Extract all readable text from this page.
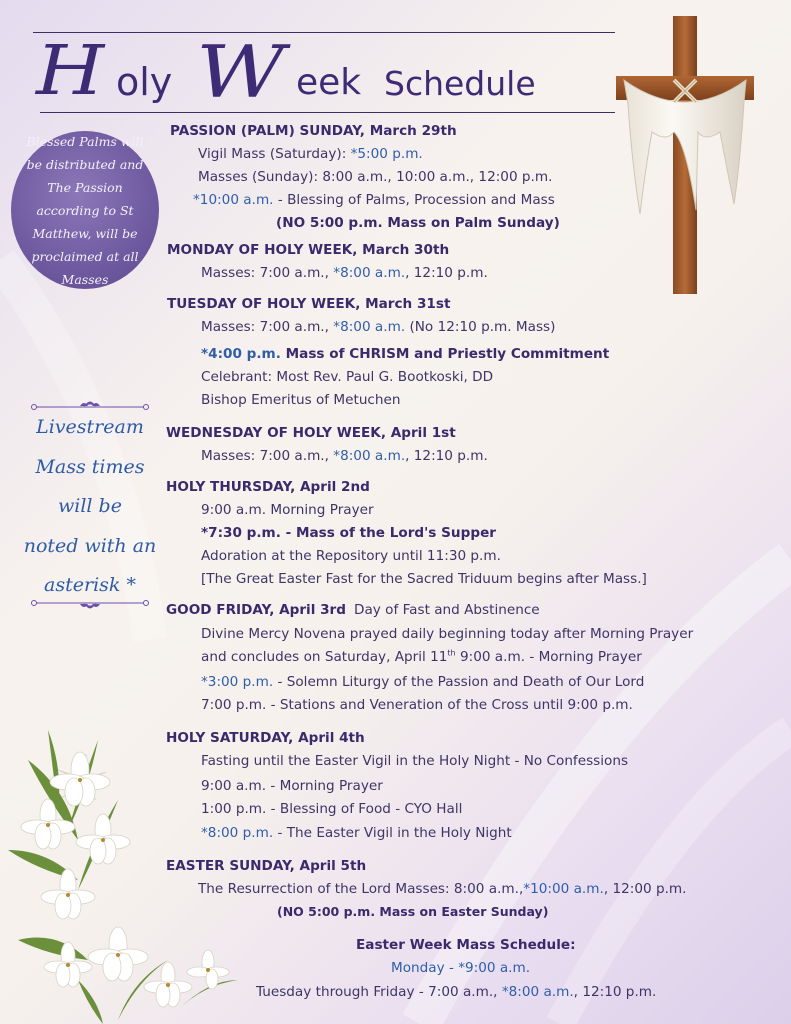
H oly W eek Schedule
Blessed Palms will be distributed and The Passion according to St Matthew, will be proclaimed at all Masses
Livestream
Mass times
will be
noted with an
asterisk *
PASSION (PALM) SUNDAY, March 29th
Vigil Mass (Saturday): *5:00 p.m.
Masses (Sunday): 8:00 a.m., 10:00 a.m., 12:00 p.m.
*10:00 a.m. - Blessing of Palms, Procession and Mass
(NO 5:00 p.m. Mass on Palm Sunday)
MONDAY OF HOLY WEEK, March 30th
Masses: 7:00 a.m., *8:00 a.m., 12:10 p.m.
TUESDAY OF HOLY WEEK, March 31st
Masses: 7:00 a.m., *8:00 a.m. (No 12:10 p.m. Mass)
*4:00 p.m. Mass of CHRISM and Priestly Commitment
Celebrant: Most Rev. Paul G. Bootkoski, DD
Bishop Emeritus of Metuchen
WEDNESDAY OF HOLY WEEK, April 1st
Masses: 7:00 a.m., *8:00 a.m., 12:10 p.m.
HOLY THURSDAY, April 2nd
9:00 a.m. Morning Prayer
*7:30 p.m. - Mass of the Lord's Supper
Adoration at the Repository until 11:30 p.m.
[The Great Easter Fast for the Sacred Triduum begins after Mass.]
GOOD FRIDAY, April 3rd Day of Fast and Abstinence
Divine Mercy Novena prayed daily beginning today after Morning Prayer
and concludes on Saturday, April 11th 9:00 a.m. - Morning Prayer
*3:00 p.m. - Solemn Liturgy of the Passion and Death of Our Lord
7:00 p.m. - Stations and Veneration of the Cross until 9:00 p.m.
HOLY SATURDAY, April 4th
Fasting until the Easter Vigil in the Holy Night - No Confessions
9:00 a.m. - Morning Prayer
1:00 p.m. - Blessing of Food - CYO Hall
*8:00 p.m. - The Easter Vigil in the Holy Night
EASTER SUNDAY, April 5th
The Resurrection of the Lord Masses: 8:00 a.m.,*10:00 a.m., 12:00 p.m.
(NO 5:00 p.m. Mass on Easter Sunday)
Easter Week Mass Schedule:
Monday - *9:00 a.m.
Tuesday through Friday - 7:00 a.m., *8:00 a.m., 12:10 p.m.
